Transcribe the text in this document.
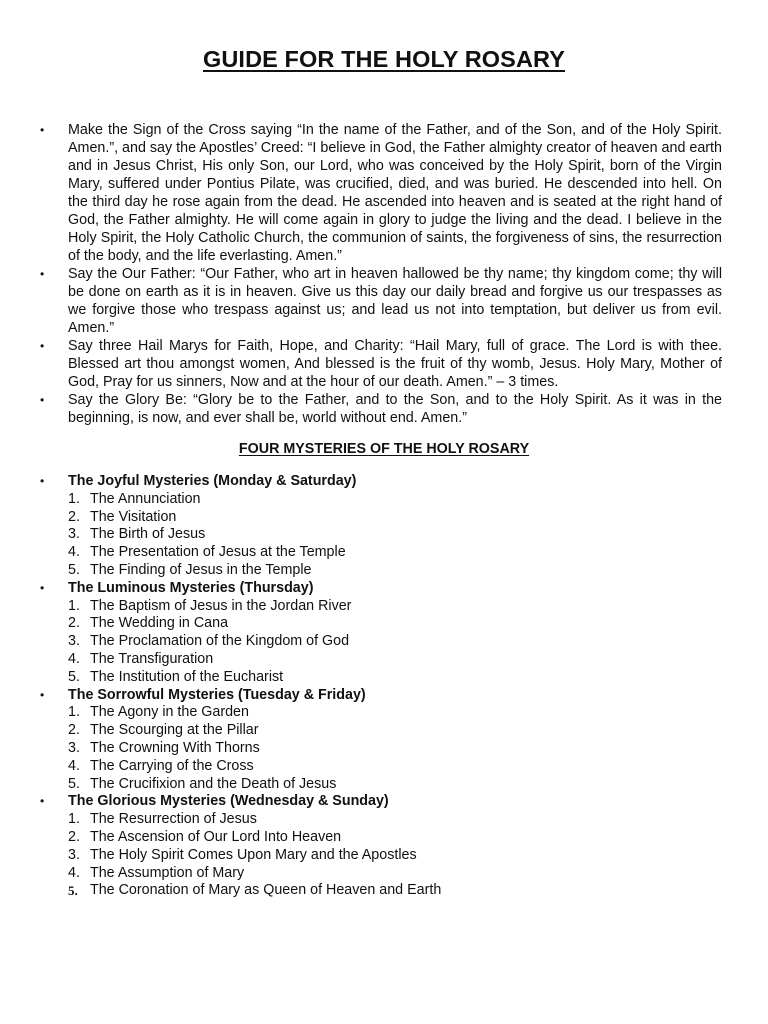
GUIDE FOR THE HOLY ROSARY
• Make the Sign of the Cross saying “In the name of the Father, and of the Son, and of the Holy Spirit. Amen.”, and say the Apostles’ Creed: “I believe in God, the Father almighty creator of heaven and earth and in Jesus Christ, His only Son, our Lord, who was conceived by the Holy Spirit, born of the Virgin Mary, suffered under Pontius Pilate, was crucified, died, and was buried. He descended into hell. On the third day he rose again from the dead. He ascended into heaven and is seated at the right hand of God, the Father almighty. He will come again in glory to judge the living and the dead. I believe in the Holy Spirit, the Holy Catholic Church, the communion of saints, the forgiveness of sins, the resurrection of the body, and the life everlasting. Amen.”
• Say the Our Father: “Our Father, who art in heaven hallowed be thy name; thy kingdom come; thy will be done on earth as it is in heaven. Give us this day our daily bread and forgive us our trespasses as we forgive those who trespass against us; and lead us not into temptation, but deliver us from evil. Amen.”
• Say three Hail Marys for Faith, Hope, and Charity: “Hail Mary, full of grace. The Lord is with thee. Blessed art thou amongst women, And blessed is the fruit of thy womb, Jesus. Holy Mary, Mother of God, Pray for us sinners, Now and at the hour of our death. Amen.” – 3 times.
• Say the Glory Be: “Glory be to the Father, and to the Son, and to the Holy Spirit. As it was in the beginning, is now, and ever shall be, world without end. Amen.”
FOUR MYSTERIES OF THE HOLY ROSARY
• The Joyful Mysteries (Monday & Saturday)
1. The Annunciation
2. The Visitation
3. The Birth of Jesus
4. The Presentation of Jesus at the Temple
5. The Finding of Jesus in the Temple
• The Luminous Mysteries (Thursday)
1. The Baptism of Jesus in the Jordan River
2. The Wedding in Cana
3. The Proclamation of the Kingdom of God
4. The Transfiguration
5. The Institution of the Eucharist
• The Sorrowful Mysteries (Tuesday & Friday)
1. The Agony in the Garden
2. The Scourging at the Pillar
3. The Crowning With Thorns
4. The Carrying of the Cross
5. The Crucifixion and the Death of Jesus
• The Glorious Mysteries (Wednesday & Sunday)
1. The Resurrection of Jesus
2. The Ascension of Our Lord Into Heaven
3. The Holy Spirit Comes Upon Mary and the Apostles
4. The Assumption of Mary
5. The Coronation of Mary as Queen of Heaven and Earth
